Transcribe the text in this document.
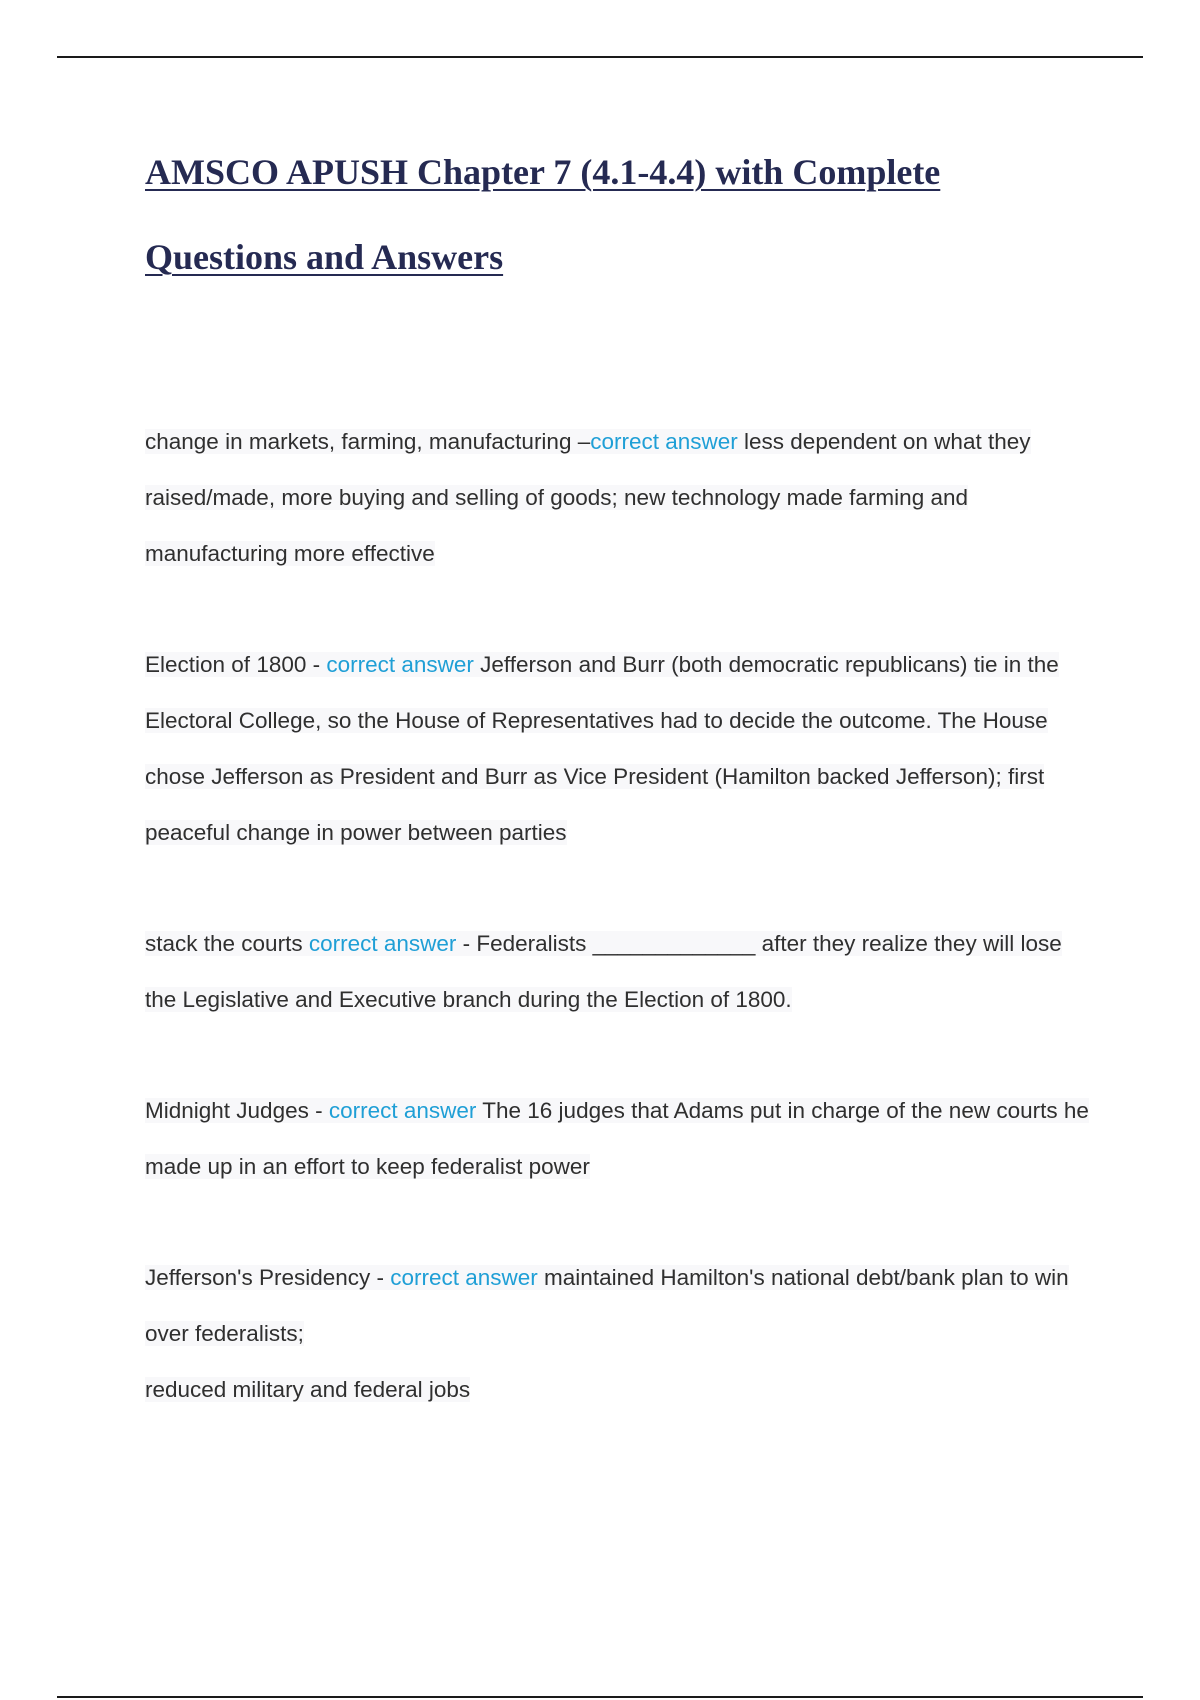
AMSCO APUSH Chapter 7 (4.1-4.4) with Complete
Questions and Answers

change in markets, farming, manufacturing –correct answer less dependent on what they raised/made, more buying and selling of goods; new technology made farming and manufacturing more effective

Election of 1800 - correct answer Jefferson and Burr (both democratic republicans) tie in the Electoral College, so the House of Representatives had to decide the outcome. The House chose Jefferson as President and Burr as Vice President (Hamilton backed Jefferson); first peaceful change in power between parties

stack the courts correct answer - Federalists _____________ after they realize they will lose the Legislative and Executive branch during the Election of 1800.

Midnight Judges - correct answer The 16 judges that Adams put in charge of the new courts he made up in an effort to keep federalist power

Jefferson's Presidency - correct answer maintained Hamilton's national debt/bank plan to win over federalists;
reduced military and federal jobs
